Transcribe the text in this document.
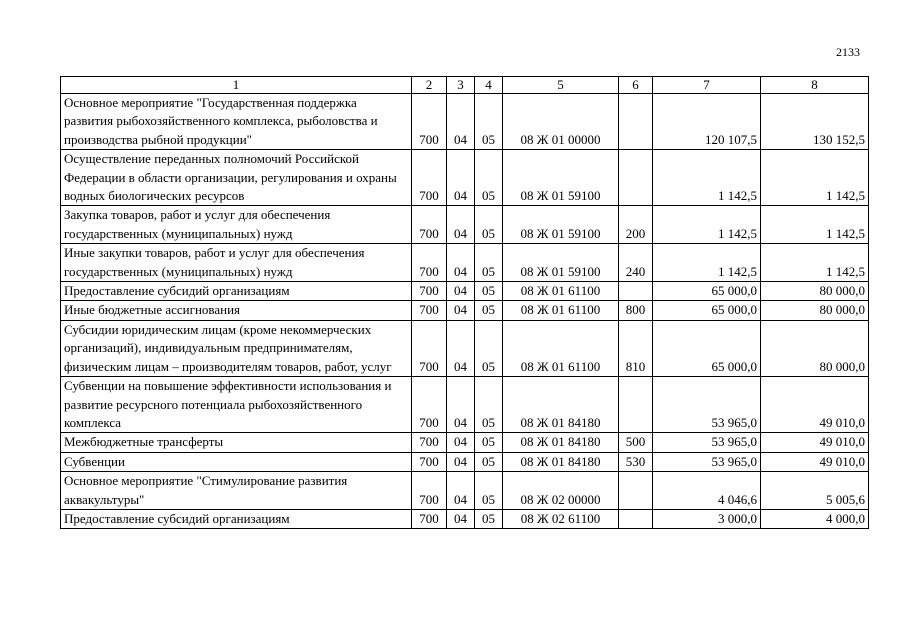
2133
1	2	3	4	5	6	7	8
Основное мероприятие "Государственная поддержка развития рыбохозяйственного комплекса, рыболовства и производства рыбной продукции"	700	04	05	08 Ж 01 00000		120 107,5	130 152,5
Осуществление переданных полномочий Российской Федерации в области организации, регулирования и охраны водных биологических ресурсов	700	04	05	08 Ж 01 59100		1 142,5	1 142,5
Закупка товаров, работ и услуг для обеспечения государственных (муниципальных) нужд	700	04	05	08 Ж 01 59100	200	1 142,5	1 142,5
Иные закупки товаров, работ и услуг для обеспечения государственных (муниципальных) нужд	700	04	05	08 Ж 01 59100	240	1 142,5	1 142,5
Предоставление субсидий организациям	700	04	05	08 Ж 01 61100		65 000,0	80 000,0
Иные бюджетные ассигнования	700	04	05	08 Ж 01 61100	800	65 000,0	80 000,0
Субсидии юридическим лицам (кроме некоммерческих организаций), индивидуальным предпринимателям, физическим лицам – производителям товаров, работ, услуг	700	04	05	08 Ж 01 61100	810	65 000,0	80 000,0
Субвенции на повышение эффективности использования и развитие ресурсного потенциала рыбохозяйственного комплекса	700	04	05	08 Ж 01 84180		53 965,0	49 010,0
Межбюджетные трансферты	700	04	05	08 Ж 01 84180	500	53 965,0	49 010,0
Субвенции	700	04	05	08 Ж 01 84180	530	53 965,0	49 010,0
Основное мероприятие "Стимулирование развития аквакультуры"	700	04	05	08 Ж 02 00000		4 046,6	5 005,6
Предоставление субсидий организациям	700	04	05	08 Ж 02 61100		3 000,0	4 000,0
